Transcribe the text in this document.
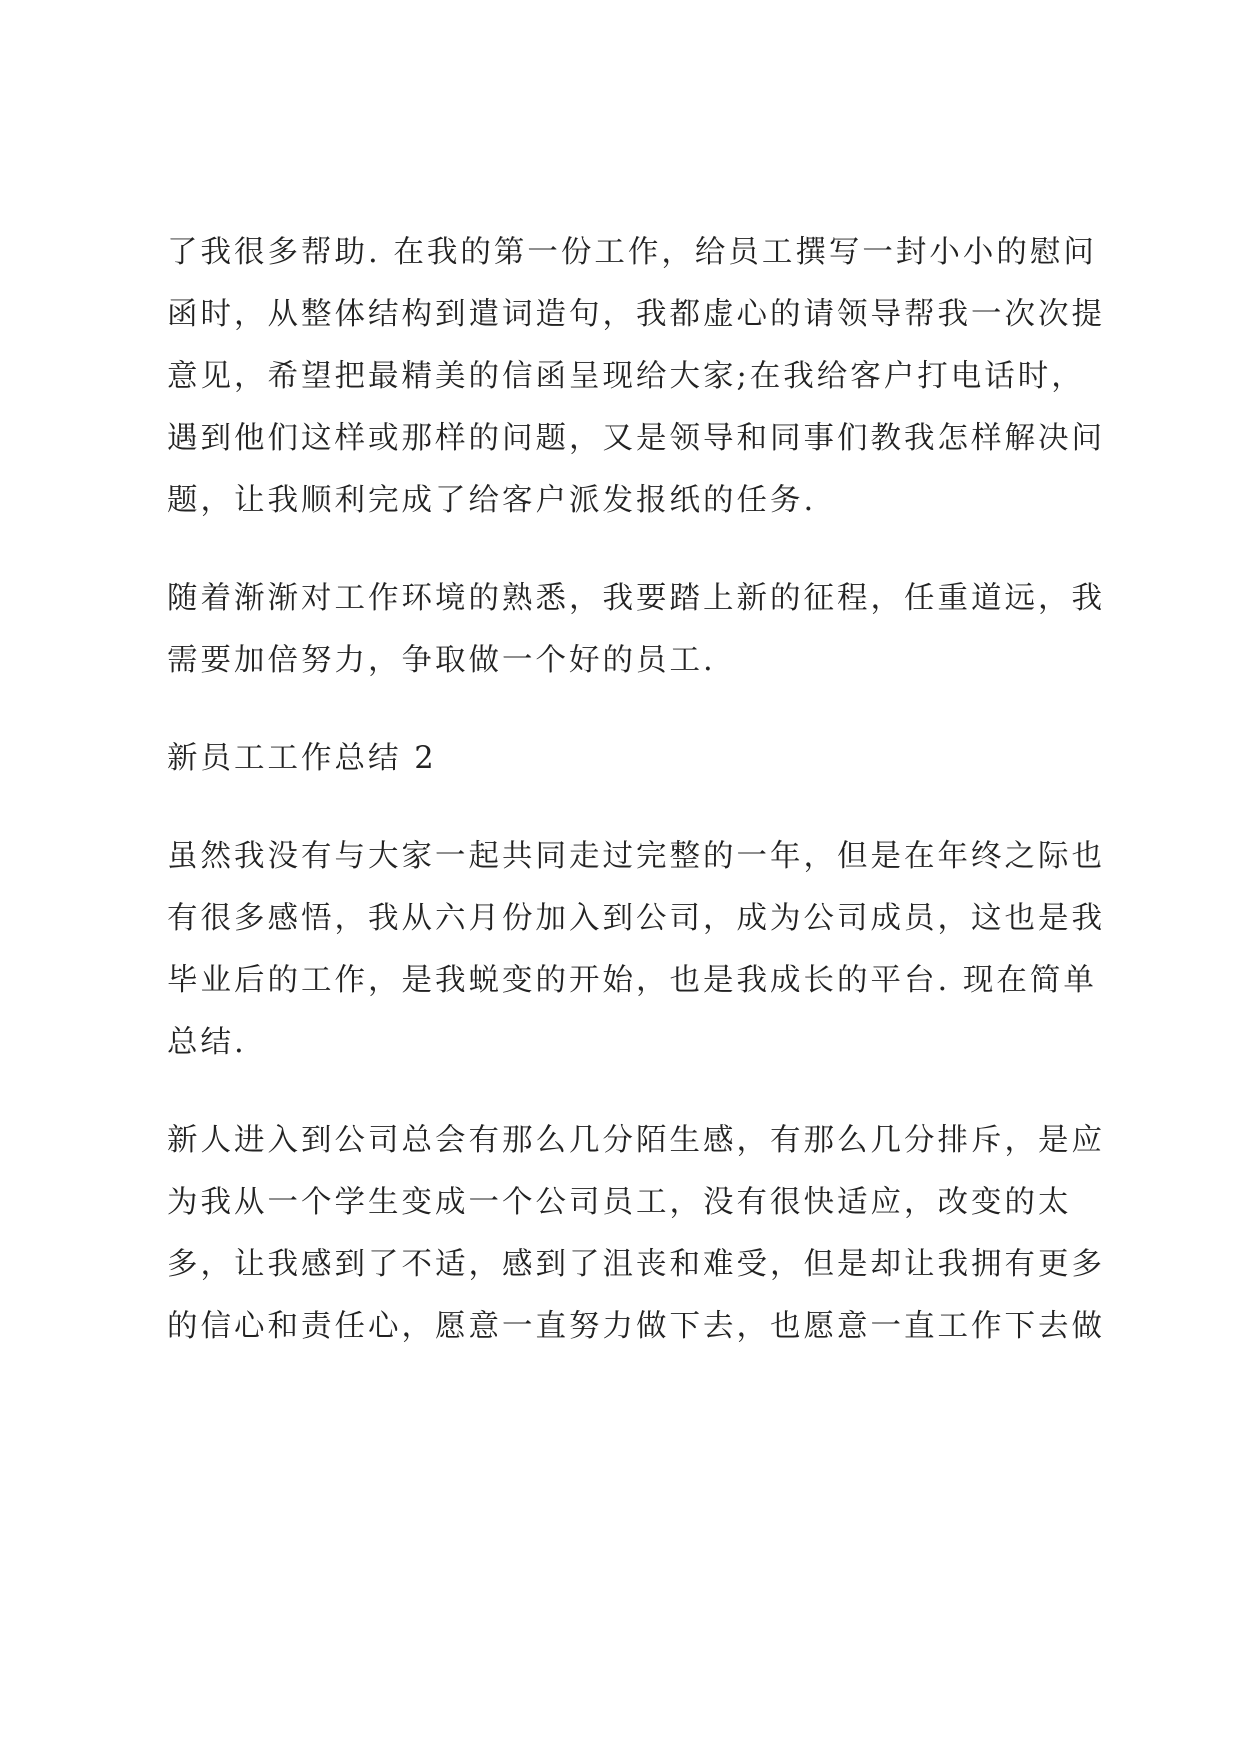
了我很多帮助. 在我的第一份工作，给员工撰写一封小小的慰问
函时，从整体结构到遣词造句，我都虚心的请领导帮我一次次提
意见，希望把最精美的信函呈现给大家;在我给客户打电话时，
遇到他们这样或那样的问题，又是领导和同事们教我怎样解决问
题，让我顺利完成了给客户派发报纸的任务.
随着渐渐对工作环境的熟悉，我要踏上新的征程，任重道远，我
需要加倍努力，争取做一个好的员工.
新员工工作总结 2
虽然我没有与大家一起共同走过完整的一年，但是在年终之际也
有很多感悟，我从六月份加入到公司，成为公司成员，这也是我
毕业后的工作，是我蜕变的开始，也是我成长的平台. 现在简单
总结.
新人进入到公司总会有那么几分陌生感，有那么几分排斥，是应
为我从一个学生变成一个公司员工，没有很快适应，改变的太
多，让我感到了不适，感到了沮丧和难受，但是却让我拥有更多
的信心和责任心，愿意一直努力做下去，也愿意一直工作下去做
